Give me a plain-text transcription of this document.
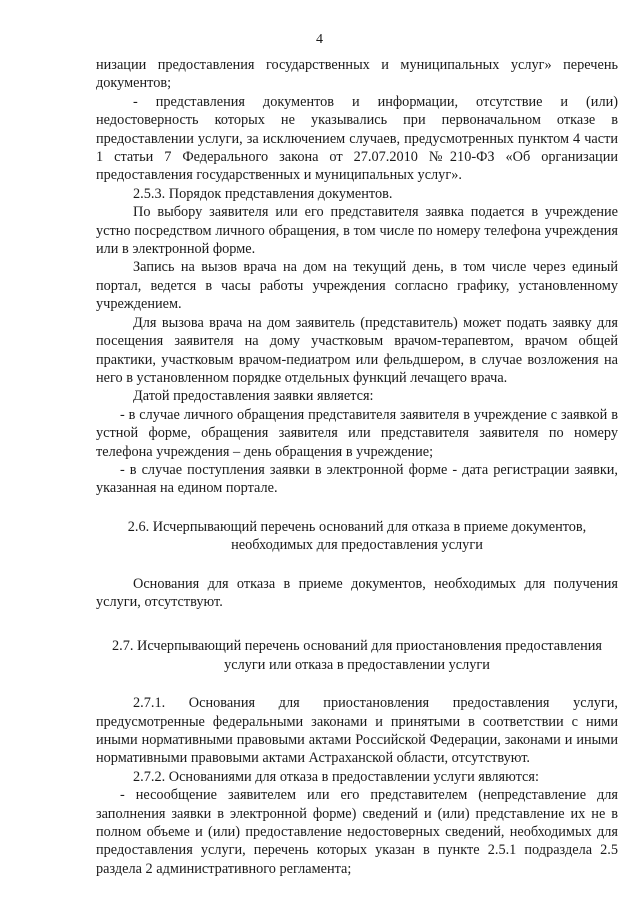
4

низации предоставления государственных и муниципальных услуг» перечень документов;

- представления документов и информации, отсутствие и (или) недостоверность которых не указывались при первоначальном отказе в предоставлении услуги, за исключением случаев, предусмотренных пунктом 4 части 1 статьи 7 Федерального закона от 27.07.2010 №210-ФЗ «Об организации предоставления государственных и муниципальных услуг».

2.5.3. Порядок представления документов.

По выбору заявителя или его представителя заявка подается в учреждение устно посредством личного обращения, в том числе по номеру телефона учреждения или в электронной форме.

Запись на вызов врача на дом на текущий день, в том числе через единый портал, ведется в часы работы учреждения согласно графику, установленному учреждением.

Для вызова врача на дом заявитель (представитель) может подать заявку для посещения заявителя на дому участковым врачом-терапевтом, врачом общей практики, участковым врачом-педиатром или фельдшером, в случае возложения на него в установленном порядке отдельных функций лечащего врача.

Датой предоставления заявки является:

- в случае личного обращения представителя заявителя в учреждение с заявкой в устной форме, обращения заявителя или представителя заявителя по номеру телефона учреждения – день обращения в учреждение;

- в случае поступления заявки в электронной форме - дата регистрации заявки, указанная на едином портале.

2.6. Исчерпывающий перечень оснований для отказа в приеме документов, необходимых для предоставления услуги

Основания для отказа в приеме документов, необходимых для получения услуги, отсутствуют.

2.7. Исчерпывающий перечень оснований для приостановления предоставления услуги или отказа в предоставлении услуги

2.7.1. Основания для приостановления предоставления услуги, предусмотренные федеральными законами и принятыми в соответствии с ними иными нормативными правовыми актами Российской Федерации, законами и иными нормативными правовыми актами Астраханской области, отсутствуют.

2.7.2. Основаниями для отказа в предоставлении услуги являются:

- несообщение заявителем или его представителем (непредставление для заполнения заявки в электронной форме) сведений и (или) представление их не в полном объеме и (или) предоставление недостоверных сведений, необходимых для предоставления услуги, перечень которых указан в пункте 2.5.1 подраздела 2.5 раздела 2 административного регламента;
